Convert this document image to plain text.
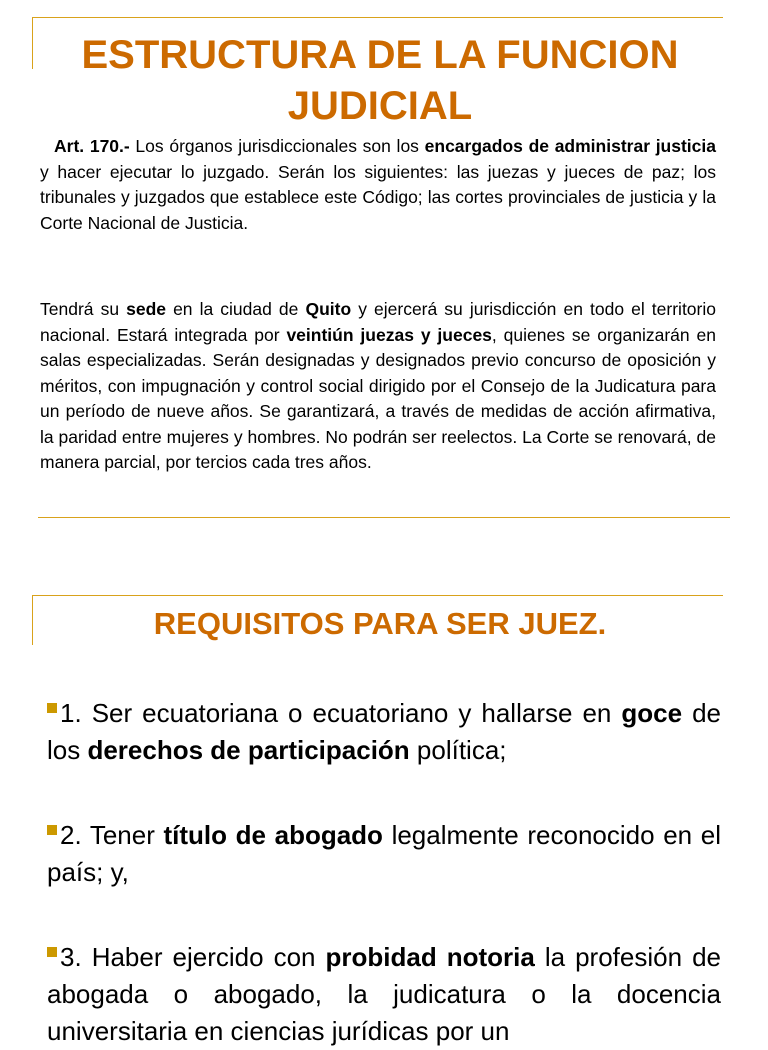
ESTRUCTURA DE LA FUNCION
JUDICIAL

Art. 170.- Los órganos jurisdiccionales son los encargados de administrar justicia y hacer ejecutar lo juzgado. Serán los siguientes: las juezas y jueces de paz; los tribunales y juzgados que establece este Código; las cortes provinciales de justicia y la Corte Nacional de Justicia.

Tendrá su sede en la ciudad de Quito y ejercerá su jurisdicción en todo el territorio nacional. Estará integrada por veintiún juezas y jueces, quienes se organizarán en salas especializadas. Serán designadas y designados previo concurso de oposición y méritos, con impugnación y control social dirigido por el Consejo de la Judicatura para un período de nueve años. Se garantizará, a través de medidas de acción afirmativa, la paridad entre mujeres y hombres. No podrán ser reelectos. La Corte se renovará, de manera parcial, por tercios cada tres años.

REQUISITOS PARA SER JUEZ.

1. Ser ecuatoriana o ecuatoriano y hallarse en goce de los derechos de participación política;

2. Tener título de abogado legalmente reconocido en el país; y,

3. Haber ejercido con probidad notoria la profesión de abogada o abogado, la judicatura o la docencia universitaria en ciencias jurídicas por un
